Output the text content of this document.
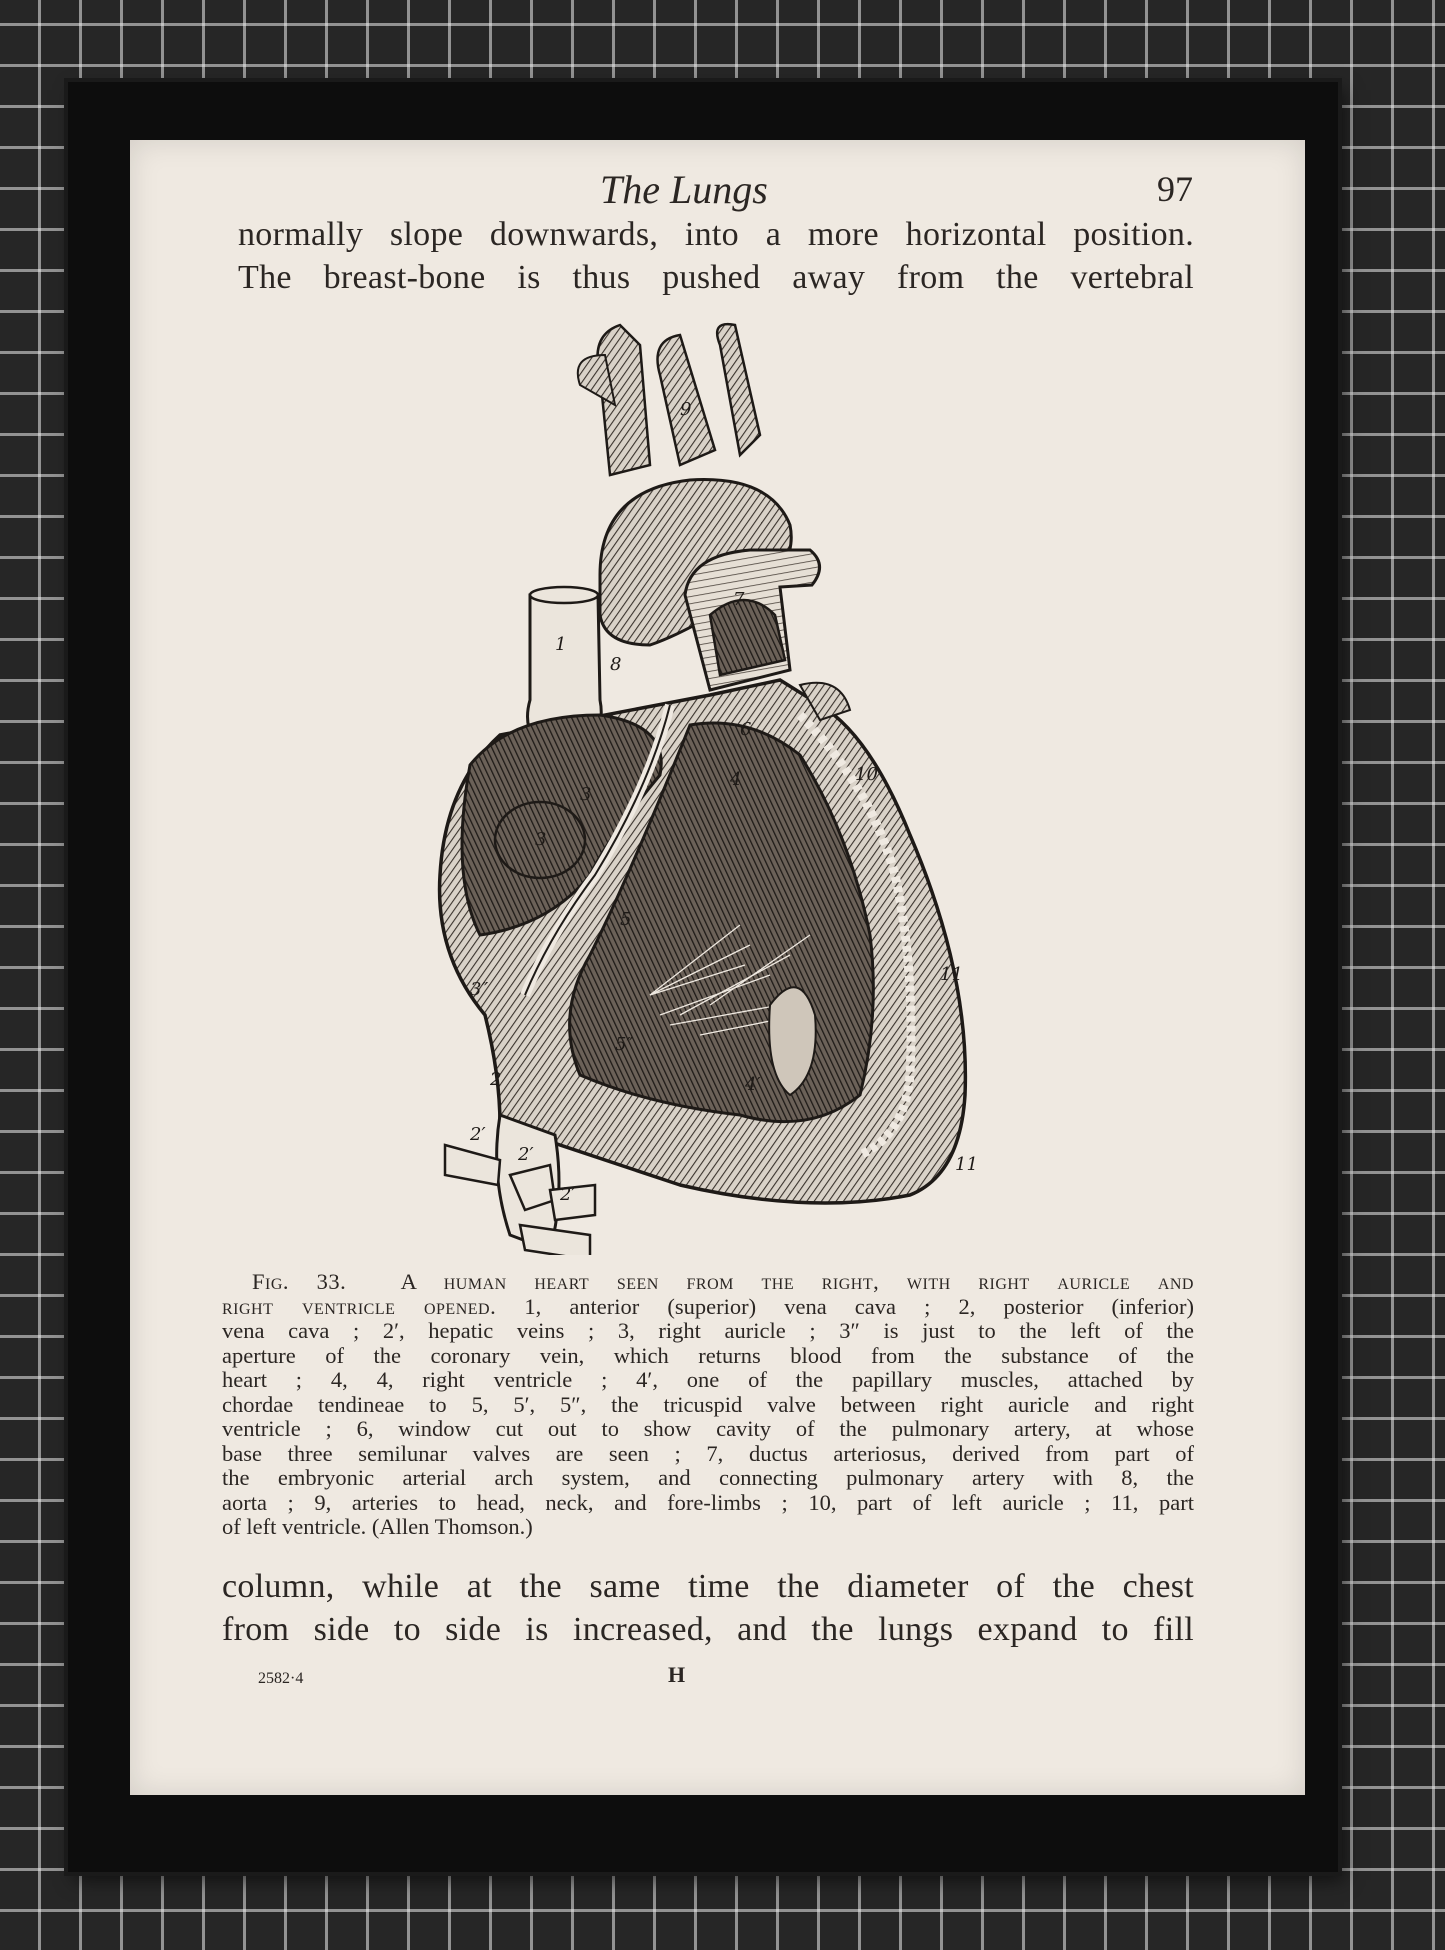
The Lungs	97
normally slope downwards, into a more horizontal position.
The breast-bone is thus pushed away from the vertebral
9
1
8
7
6
10
3
3″
3
4
5
4′
11
11
2
2′
2′
2′
5″
Fig. 33. A human heart seen from the right, with right auricle and
right ventricle opened. 1, anterior (superior) vena cava ; 2, posterior (inferior)
vena cava ; 2′, hepatic veins ; 3, right auricle ; 3″ is just to the left of the
aperture of the coronary vein, which returns blood from the substance of the
heart ; 4, 4, right ventricle ; 4′, one of the papillary muscles, attached by
chordae tendineae to 5, 5′, 5″, the tricuspid valve between right auricle and right
ventricle ; 6, window cut out to show cavity of the pulmonary artery, at whose
base three semilunar valves are seen ; 7, ductus arteriosus, derived from part of
the embryonic arterial arch system, and connecting pulmonary artery with 8, the
aorta ; 9, arteries to head, neck, and fore-limbs ; 10, part of left auricle ; 11, part
of left ventricle. (Allen Thomson.)
column, while at the same time the diameter of the chest
from side to side is increased, and the lungs expand to fill
2582·4	H
